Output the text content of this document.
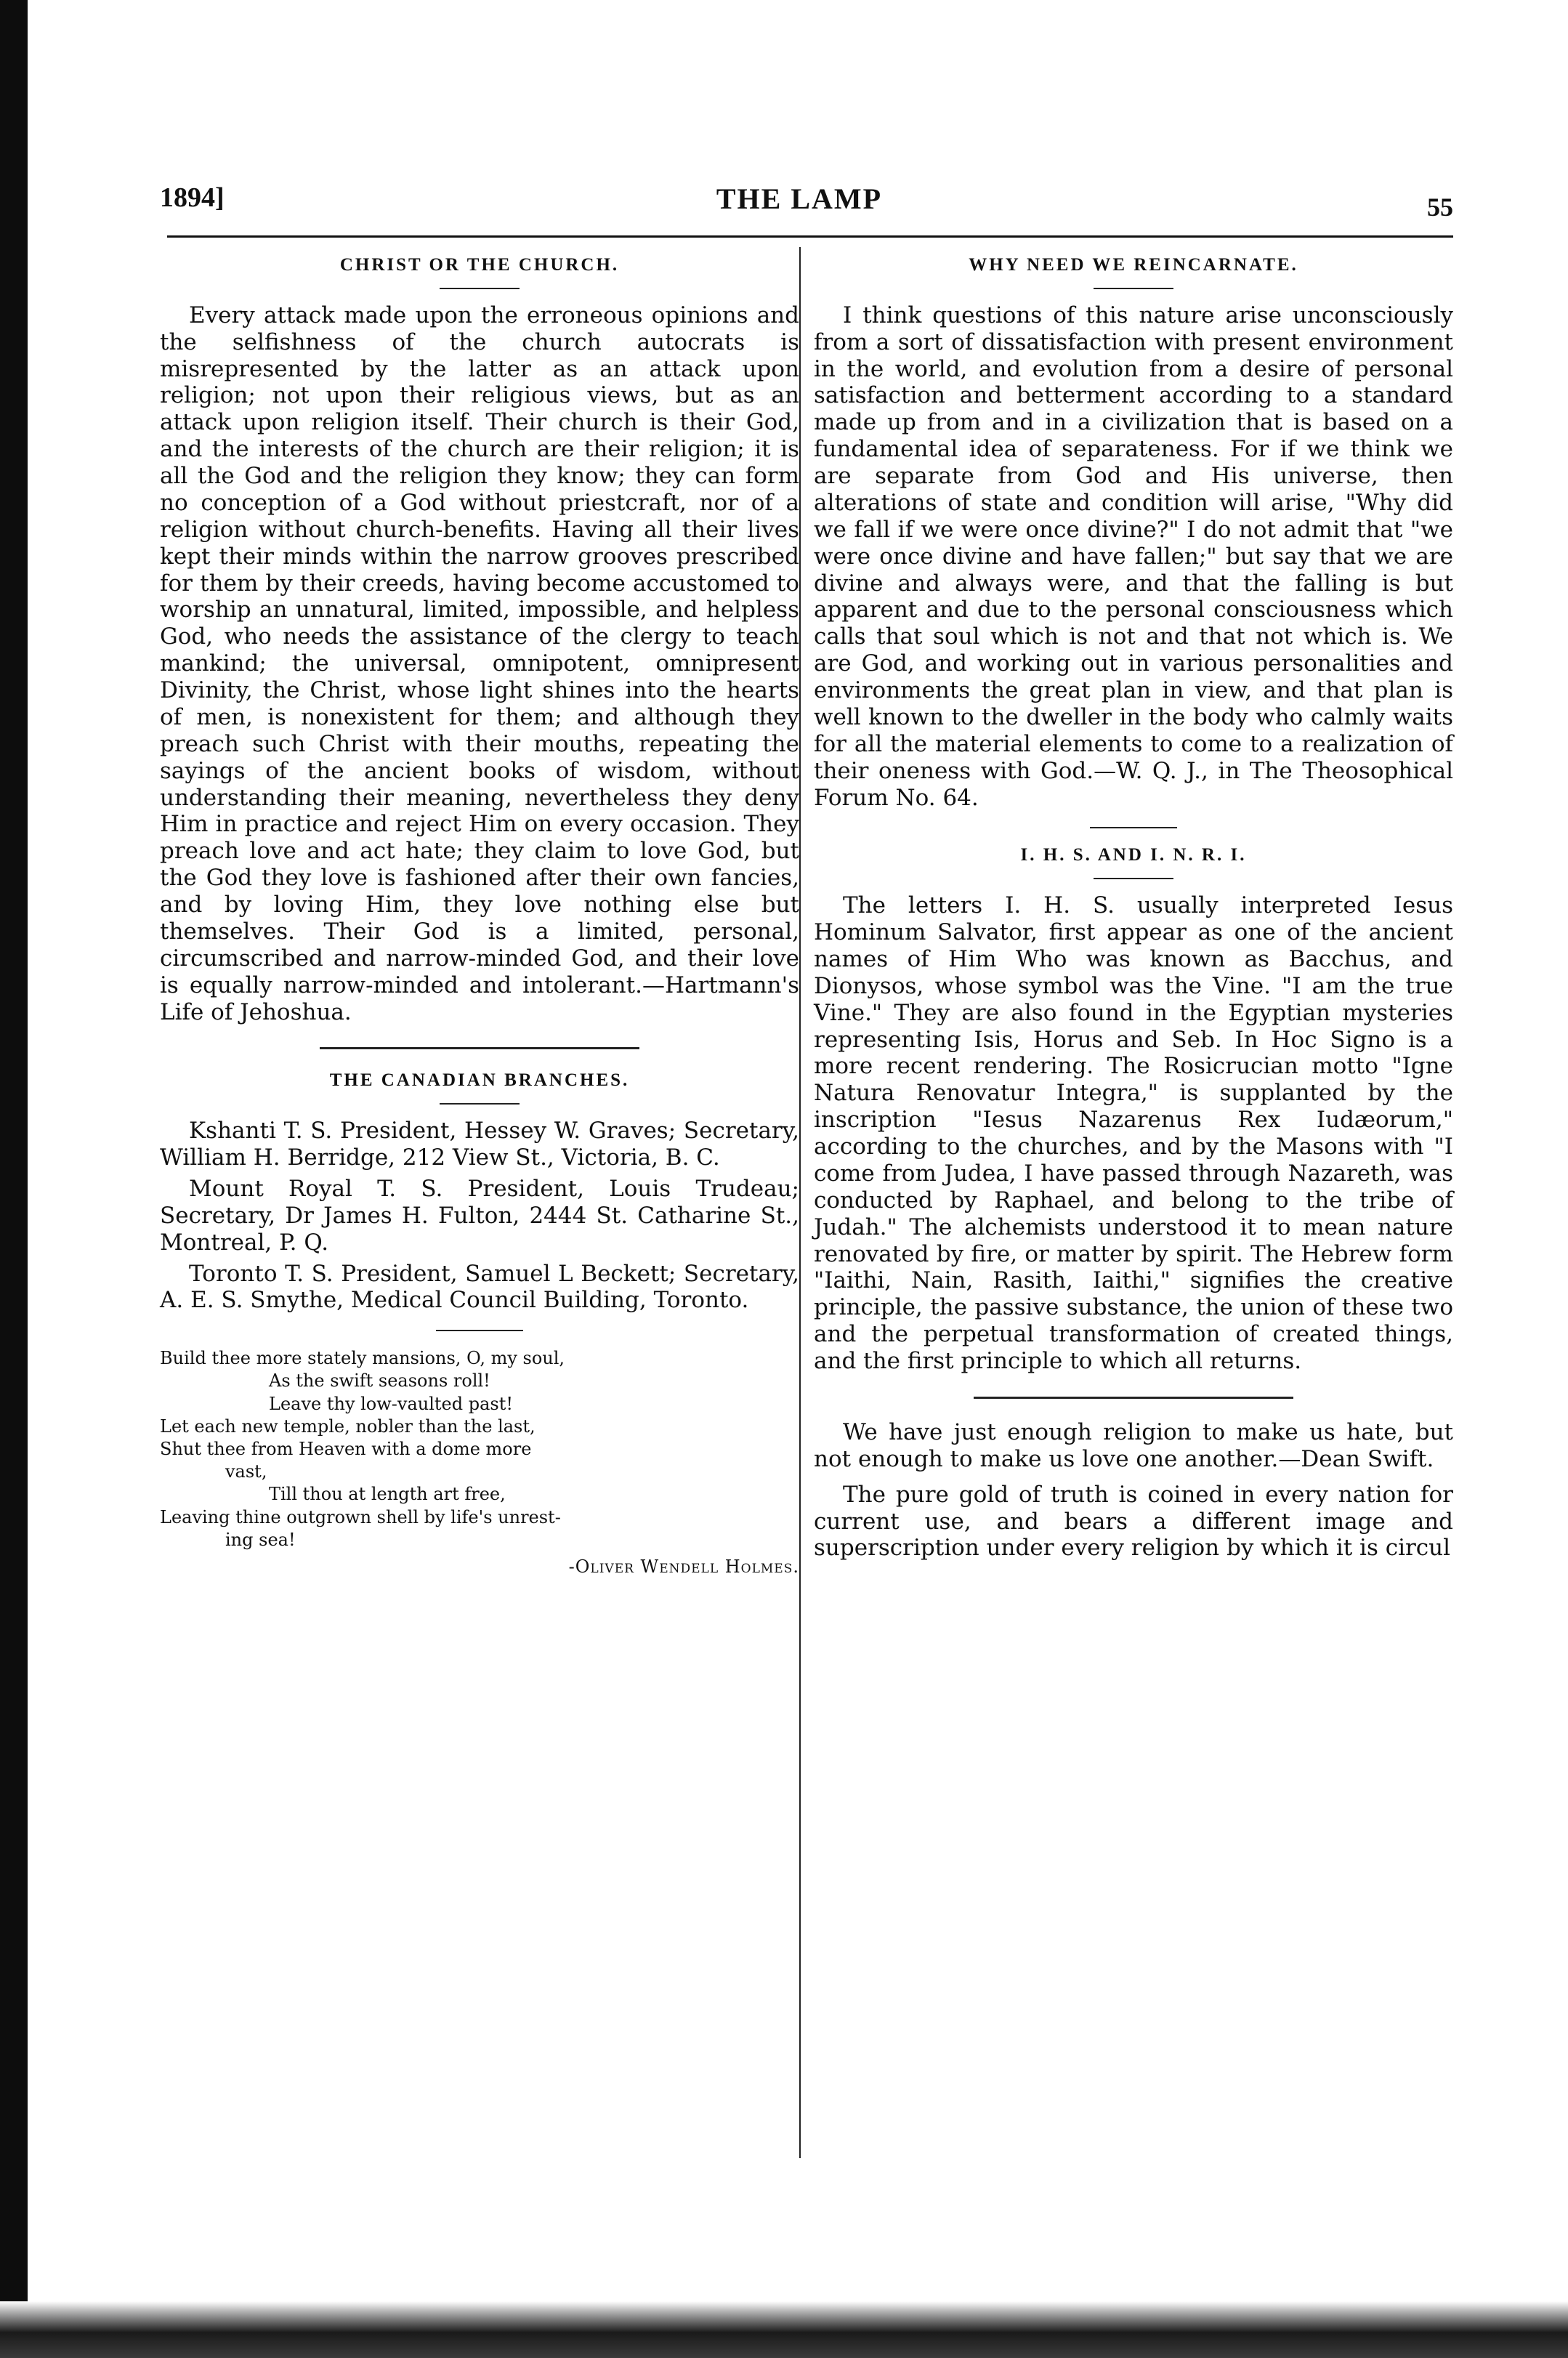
1894]	THE LAMP	55
CHRIST OR THE CHURCH.

Every attack made upon the erroneous opinions and the selfishness of the church autocrats is misrepresented by the latter as an attack upon religion; not upon their religious views, but as an attack upon religion itself. Their church is their God, and the interests of the church are their religion; it is all the God and the religion they know; they can form no conception of a God without priestcraft, nor of a religion without church-benefits. Having all their lives kept their minds within the narrow grooves prescribed for them by their creeds, having become accustomed to worship an unnatural, limited, impossible, and helpless God, who needs the assistance of the clergy to teach mankind; the universal, omnipotent, omnipresent Divinity, the Christ, whose light shines into the hearts of men, is nonexistent for them; and although they preach such Christ with their mouths, repeating the sayings of the ancient books of wisdom, without understanding their meaning, nevertheless they deny Him in practice and reject Him on every occasion. They preach love and act hate; they claim to love God, but the God they love is fashioned after their own fancies, and by loving Him, they love nothing else but themselves. Their God is a limited, personal, circumscribed and narrow-minded God, and their love is equally narrow-minded and intolerant.—Hartmann's Life of Jehoshua.

THE CANADIAN BRANCHES.

Kshanti T. S. President, Hessey W. Graves; Secretary, William H. Berridge, 212 View St., Victoria, B. C.

Mount Royal T. S. President, Louis Trudeau; Secretary, Dr James H. Fulton, 2444 St. Catharine St., Montreal, P. Q.

Toronto T. S. President, Samuel L Beckett; Secretary, A. E. S. Smythe, Medical Council Building, Toronto.

Build thee more stately mansions, O, my soul,
As the swift seasons roll!
Leave thy low-vaulted past!
Let each new temple, nobler than the last,
Shut thee from Heaven with a dome more
vast,
Till thou at length art free,
Leaving thine outgrown shell by life's unrest-
ing sea!
-Oliver Wendell Holmes.
WHY NEED WE REINCARNATE.

I think questions of this nature arise unconsciously from a sort of dissatisfaction with present environment in the world, and evolution from a desire of personal satisfaction and betterment according to a standard made up from and in a civilization that is based on a fundamental idea of separateness. For if we think we are separate from God and His universe, then alterations of state and condition will arise, "Why did we fall if we were once divine?" I do not admit that "we were once divine and have fallen;" but say that we are divine and always were, and that the falling is but apparent and due to the personal consciousness which calls that soul which is not and that not which is. We are God, and working out in various personalities and environments the great plan in view, and that plan is well known to the dweller in the body who calmly waits for all the material elements to come to a realization of their oneness with God.—W. Q. J., in The Theosophical Forum No. 64.

I. H. S. AND I. N. R. I.

The letters I. H. S. usually interpreted Iesus Hominum Salvator, first appear as one of the ancient names of Him Who was known as Bacchus, and Dionysos, whose symbol was the Vine. "I am the true Vine." They are also found in the Egyptian mysteries representing Isis, Horus and Seb. In Hoc Signo is a more recent rendering. The Rosicrucian motto "Igne Natura Renovatur Integra," is supplanted by the inscription "Iesus Nazarenus Rex Iudæorum," according to the churches, and by the Masons with "I come from Judea, I have passed through Nazareth, was conducted by Raphael, and belong to the tribe of Judah." The alchemists understood it to mean nature renovated by fire, or matter by spirit. The Hebrew form "Iaithi, Nain, Rasith, Iaithi," signifies the creative principle, the passive substance, the union of these two and the perpetual transformation of created things, and the first principle to which all returns.

We have just enough religion to make us hate, but not enough to make us love one another.—Dean Swift.

The pure gold of truth is coined in every nation for current use, and bears a different image and superscription under every religion by which it is circul
